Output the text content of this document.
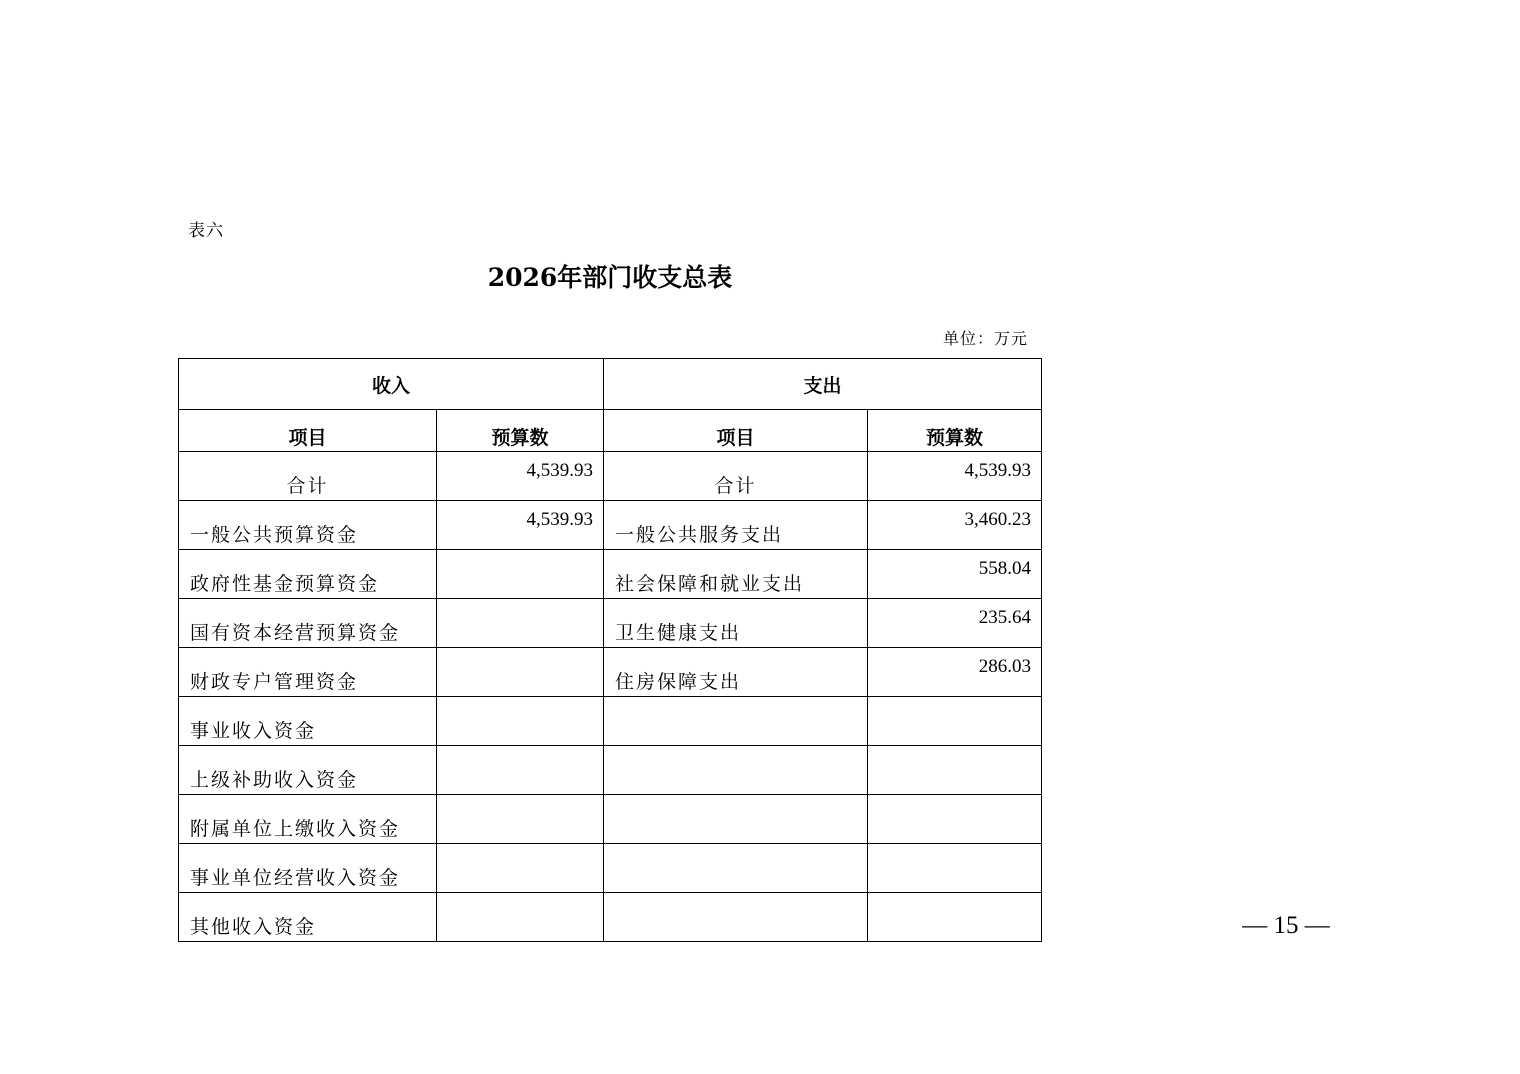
表六
2026年部门收支总表
单位：万元
收入		支出	
项目	预算数	项目	预算数
合计	4,539.93	合计	4,539.93
一般公共预算资金	4,539.93	一般公共服务支出	3,460.23
政府性基金预算资金		社会保障和就业支出	558.04
国有资本经营预算资金		卫生健康支出	235.64
财政专户管理资金		住房保障支出	286.03
事业收入资金			
上级补助收入资金			
附属单位上缴收入资金			
事业单位经营收入资金			
其他收入资金				— 15 —
